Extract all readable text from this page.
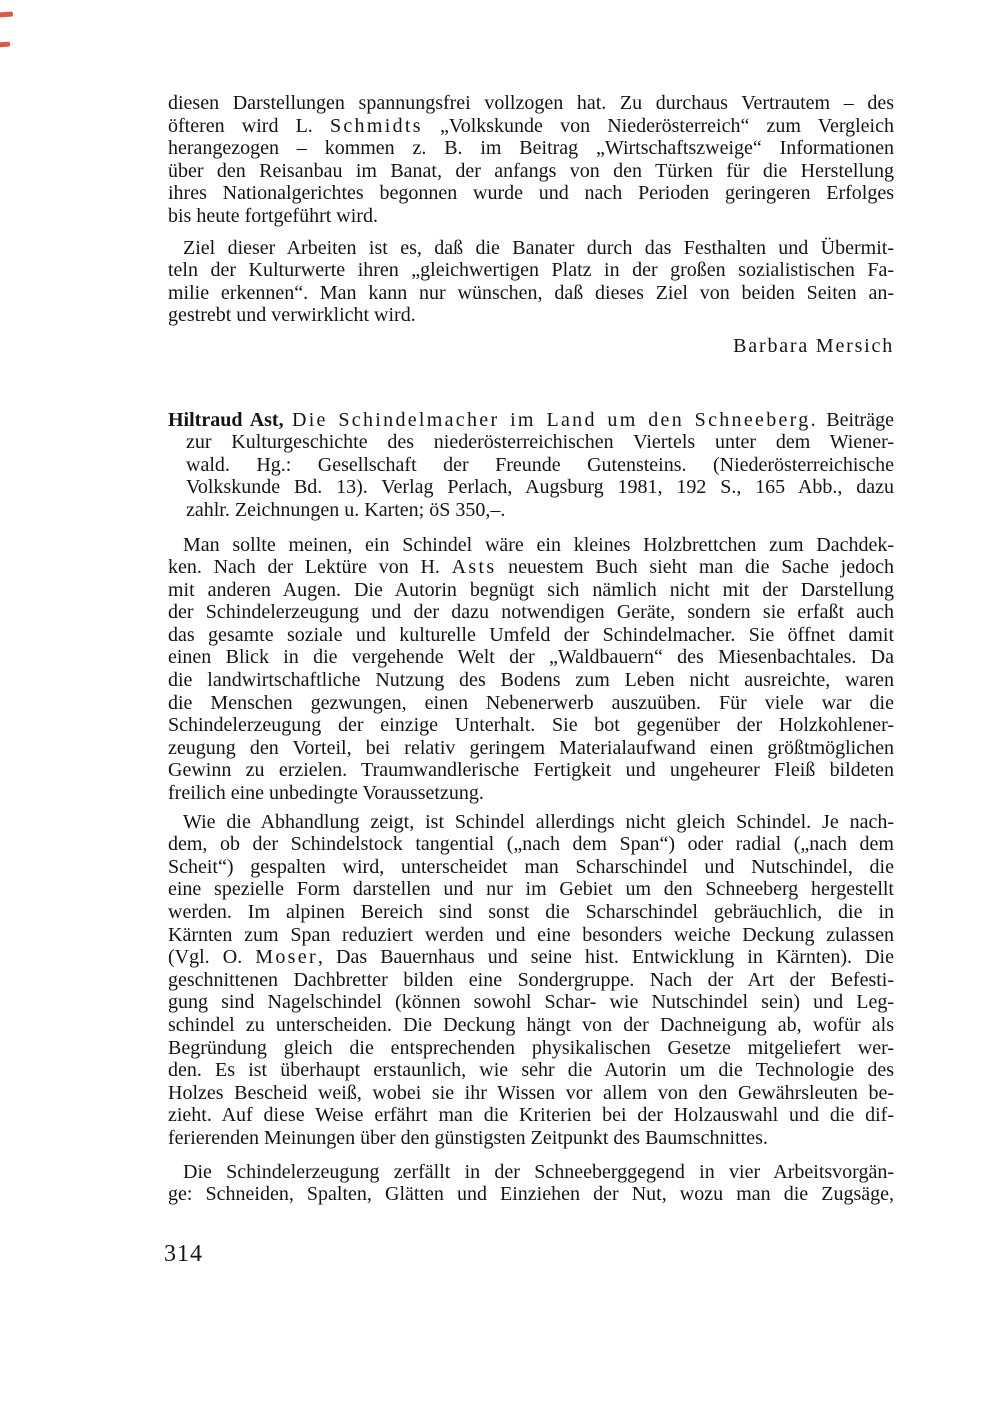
diesen Darstellungen spannungsfrei vollzogen hat. Zu durchaus Vertrautem – des
öfteren wird L. Schmidts „Volkskunde von Niederösterreich“ zum Vergleich
herangezogen – kommen z. B. im Beitrag „Wirtschaftszweige“ Informationen
über den Reisanbau im Banat, der anfangs von den Türken für die Herstellung
ihres Nationalgerichtes begonnen wurde und nach Perioden geringeren Erfolges
bis heute fortgeführt wird.
Ziel dieser Arbeiten ist es, daß die Banater durch das Festhalten und Übermit-
teln der Kulturwerte ihren „gleichwertigen Platz in der großen sozialistischen Fa-
milie erkennen“. Man kann nur wünschen, daß dieses Ziel von beiden Seiten an-
gestrebt und verwirklicht wird.
Barbara Mersich
Hiltraud Ast, Die Schindelmacher im Land um den Schneeberg. Beiträge
zur Kulturgeschichte des niederösterreichischen Viertels unter dem Wiener-
wald. Hg.: Gesellschaft der Freunde Gutensteins. (Niederösterreichische
Volkskunde Bd. 13). Verlag Perlach, Augsburg 1981, 192 S., 165 Abb., dazu
zahlr. Zeichnungen u. Karten; öS 350,–.
Man sollte meinen, ein Schindel wäre ein kleines Holzbrettchen zum Dachdek-
ken. Nach der Lektüre von H. Asts neuestem Buch sieht man die Sache jedoch
mit anderen Augen. Die Autorin begnügt sich nämlich nicht mit der Darstellung
der Schindelerzeugung und der dazu notwendigen Geräte, sondern sie erfaßt auch
das gesamte soziale und kulturelle Umfeld der Schindelmacher. Sie öffnet damit
einen Blick in die vergehende Welt der „Waldbauern“ des Miesenbachtales. Da
die landwirtschaftliche Nutzung des Bodens zum Leben nicht ausreichte, waren
die Menschen gezwungen, einen Nebenerwerb auszuüben. Für viele war die
Schindelerzeugung der einzige Unterhalt. Sie bot gegenüber der Holzkohlener-
zeugung den Vorteil, bei relativ geringem Materialaufwand einen größtmöglichen
Gewinn zu erzielen. Traumwandlerische Fertigkeit und ungeheurer Fleiß bildeten
freilich eine unbedingte Voraussetzung.
Wie die Abhandlung zeigt, ist Schindel allerdings nicht gleich Schindel. Je nach-
dem, ob der Schindelstock tangential („nach dem Span“) oder radial („nach dem
Scheit“) gespalten wird, unterscheidet man Scharschindel und Nutschindel, die
eine spezielle Form darstellen und nur im Gebiet um den Schneeberg hergestellt
werden. Im alpinen Bereich sind sonst die Scharschindel gebräuchlich, die in
Kärnten zum Span reduziert werden und eine besonders weiche Deckung zulassen
(Vgl. O. Moser, Das Bauernhaus und seine hist. Entwicklung in Kärnten). Die
geschnittenen Dachbretter bilden eine Sondergruppe. Nach der Art der Befesti-
gung sind Nagelschindel (können sowohl Schar- wie Nutschindel sein) und Leg-
schindel zu unterscheiden. Die Deckung hängt von der Dachneigung ab, wofür als
Begründung gleich die entsprechenden physikalischen Gesetze mitgeliefert wer-
den. Es ist überhaupt erstaunlich, wie sehr die Autorin um die Technologie des
Holzes Bescheid weiß, wobei sie ihr Wissen vor allem von den Gewährsleuten be-
zieht. Auf diese Weise erfährt man die Kriterien bei der Holzauswahl und die dif-
ferierenden Meinungen über den günstigsten Zeitpunkt des Baumschnittes.
Die Schindelerzeugung zerfällt in der Schneeberggegend in vier Arbeitsvorgän-
ge: Schneiden, Spalten, Glätten und Einziehen der Nut, wozu man die Zugsäge,
314
